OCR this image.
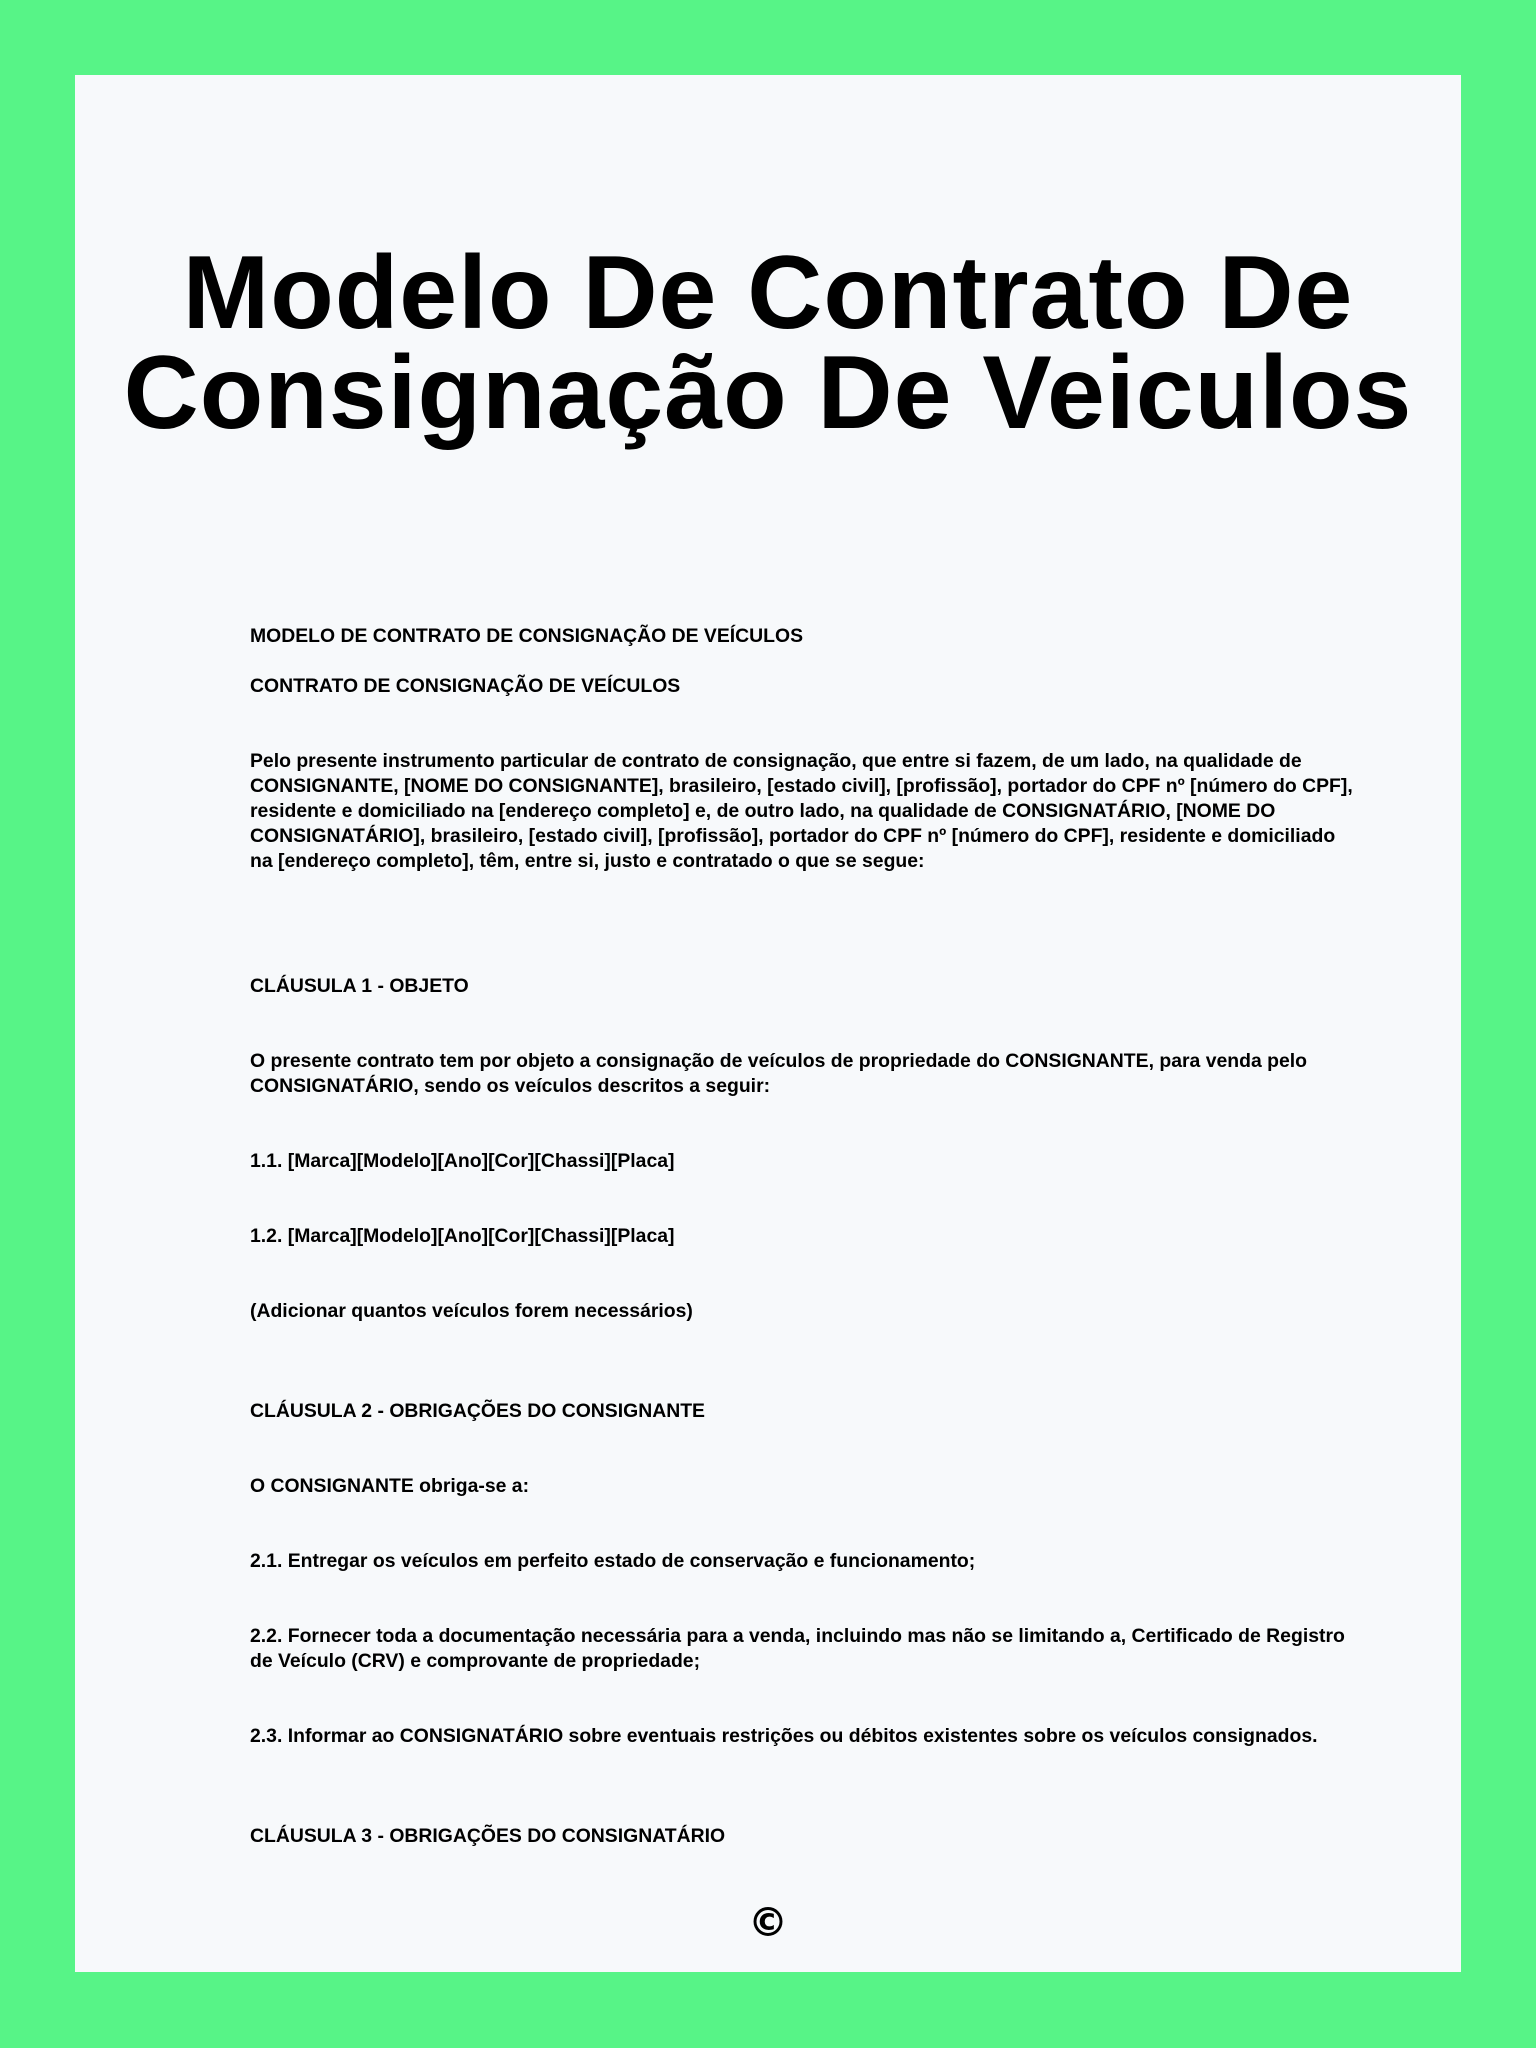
Modelo De Contrato De
Consignação De Veiculos

MODELO DE CONTRATO DE CONSIGNAÇÃO DE VEÍCULOS

CONTRATO DE CONSIGNAÇÃO DE VEÍCULOS

Pelo presente instrumento particular de contrato de consignação, que entre si fazem, de um lado, na qualidade de CONSIGNANTE, [NOME DO CONSIGNANTE], brasileiro, [estado civil], [profissão], portador do CPF nº [número do CPF], residente e domiciliado na [endereço completo] e, de outro lado, na qualidade de CONSIGNATÁRIO, [NOME DO CONSIGNATÁRIO], brasileiro, [estado civil], [profissão], portador do CPF nº [número do CPF], residente e domiciliado na [endereço completo], têm, entre si, justo e contratado o que se segue:

CLÁUSULA 1 - OBJETO

O presente contrato tem por objeto a consignação de veículos de propriedade do CONSIGNANTE, para venda pelo CONSIGNATÁRIO, sendo os veículos descritos a seguir:

1.1. [Marca][Modelo][Ano][Cor][Chassi][Placa]

1.2. [Marca][Modelo][Ano][Cor][Chassi][Placa]

(Adicionar quantos veículos forem necessários)

CLÁUSULA 2 - OBRIGAÇÕES DO CONSIGNANTE

O CONSIGNANTE obriga-se a:

2.1. Entregar os veículos em perfeito estado de conservação e funcionamento;

2.2. Fornecer toda a documentação necessária para a venda, incluindo mas não se limitando a, Certificado de Registro de Veículo (CRV) e comprovante de propriedade;

2.3. Informar ao CONSIGNATÁRIO sobre eventuais restrições ou débitos existentes sobre os veículos consignados.

CLÁUSULA 3 - OBRIGAÇÕES DO CONSIGNATÁRIO

©
